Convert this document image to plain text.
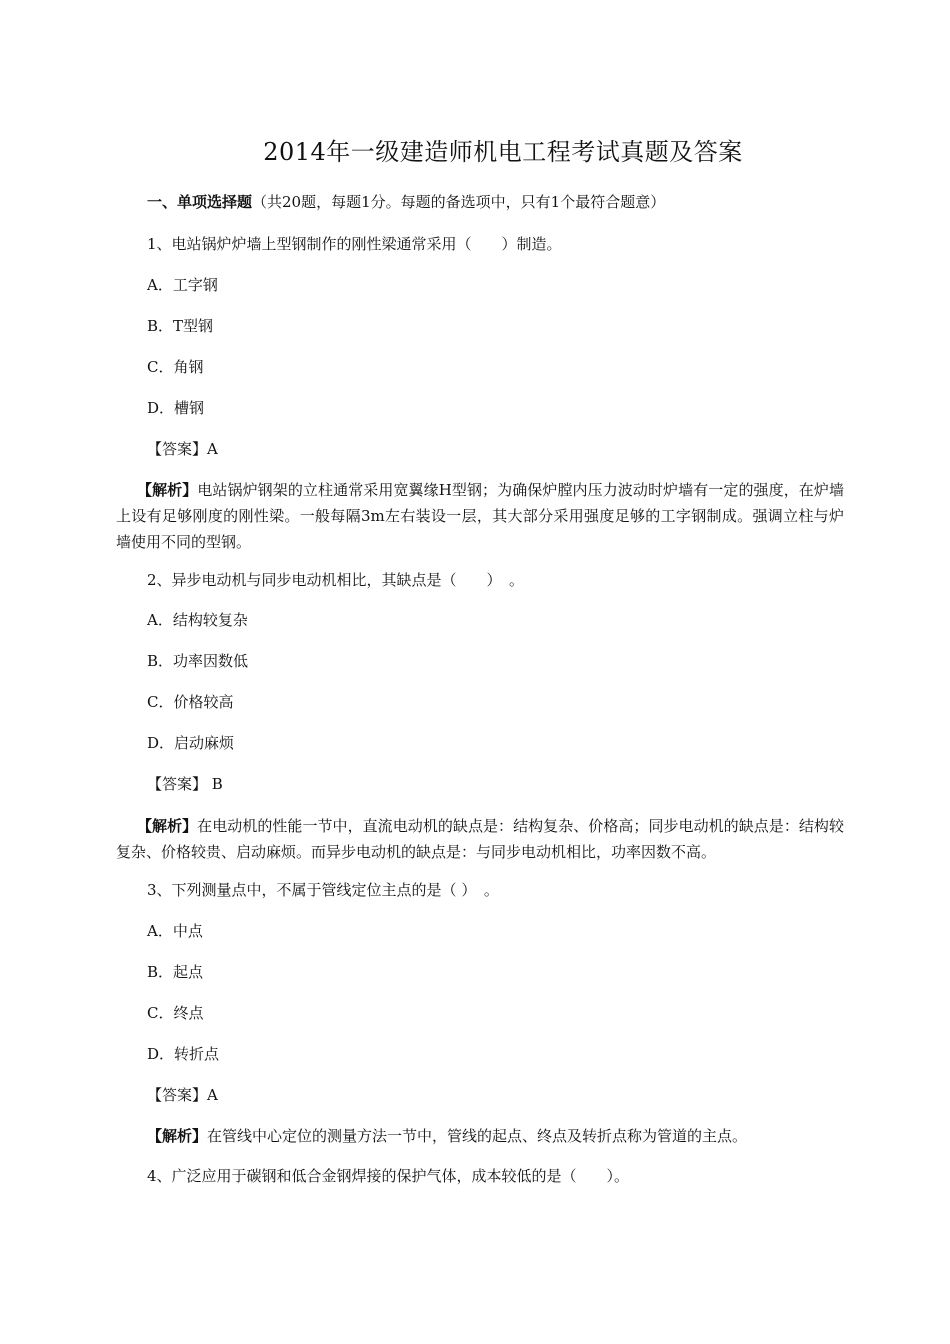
2014年一级建造师机电工程考试真题及答案
一、单项选择题（共20题，每题1分。每题的备选项中，只有1个最符合题意）
1、电站锅炉炉墙上型钢制作的刚性梁通常采用（　　）制造。
A．工字钢
B．T型钢
C．角钢
D．槽钢
【答案】A
【解析】电站锅炉钢架的立柱通常采用宽翼缘H型钢；为确保炉膛内压力波动时炉墙有一定的强度，在炉墙上设有足够刚度的刚性梁。一般每隔3m左右装设一层，其大部分采用强度足够的工字钢制成。强调立柱与炉墙使用不同的型钢。
2、异步电动机与同步电动机相比，其缺点是（　　）　。
A．结构较复杂
B．功率因数低
C．价格较高
D．启动麻烦
【答案】 B
【解析】在电动机的性能一节中，直流电动机的缺点是：结构复杂、价格高；同步电动机的缺点是：结构较复杂、价格较贵、启动麻烦。而异步电动机的缺点是：与同步电动机相比，功率因数不高。
3、下列测量点中，不属于管线定位主点的是（ ）　。
A．中点
B．起点
C．终点
D．转折点
【答案】A
【解析】在管线中心定位的测量方法一节中，管线的起点、终点及转折点称为管道的主点。
4、广泛应用于碳钢和低合金钢焊接的保护气体，成本较低的是（　　）。
